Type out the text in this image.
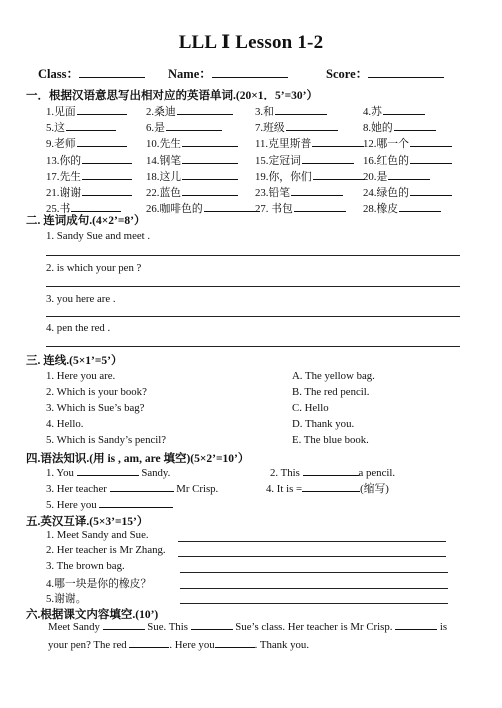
LLL Ⅰ Lesson 1-2
Class：	Name：	Score：
一．根据汉语意思写出相对应的英语单词.(20×1．5’=30’）
1.见面	2.桑迪	3.和	4.苏
5.这	6.是	7.班级	8.她的
9.老师	10.先生	11.克里斯普	12.哪一个
13.你的	14.钢笔	15.定冠词	16.红色的
17.先生	18.这儿	19.你，你们	20.是
21.谢谢	22.蓝色	23.铅笔	24.绿色的
25.书	26.咖啡色的	27. 书包	28.橡皮
二. 连词成句.(4×2’=8’）
1. Sandy Sue and meet .
2. is which your pen ?
3. you here are .
4. pen the red .
三. 连线.(5×1’=5’）
1. Here you are.
2. Which is your book?
3. Which is Sue’s bag?
4. Hello.
5. Which is Sandy’s pencil?
A. The yellow bag.
B. The red pencil.
C. Hello
D. Thank you.
E. The blue book.
四.语法知识.(用 is , am, are 填空)(5×2’=10’）
1. You	Sandy.	2. This	a pencil.
3. Her teacher	Mr Crisp.	4. It is =	(缩写)
5. Here you
五.英汉互译.(5×3’=15’）
1. Meet Sandy and Sue.
2. Her teacher is Mr Zhang.
3. The brown bag.
4.哪一块是你的橡皮？
5.谢谢。
六.根据课文内容填空.(10’)
Meet Sandy	Sue. This	Sue’s class. Her teacher is Mr Crisp.	is
your pen? The red	. Here you	. Thank you.
